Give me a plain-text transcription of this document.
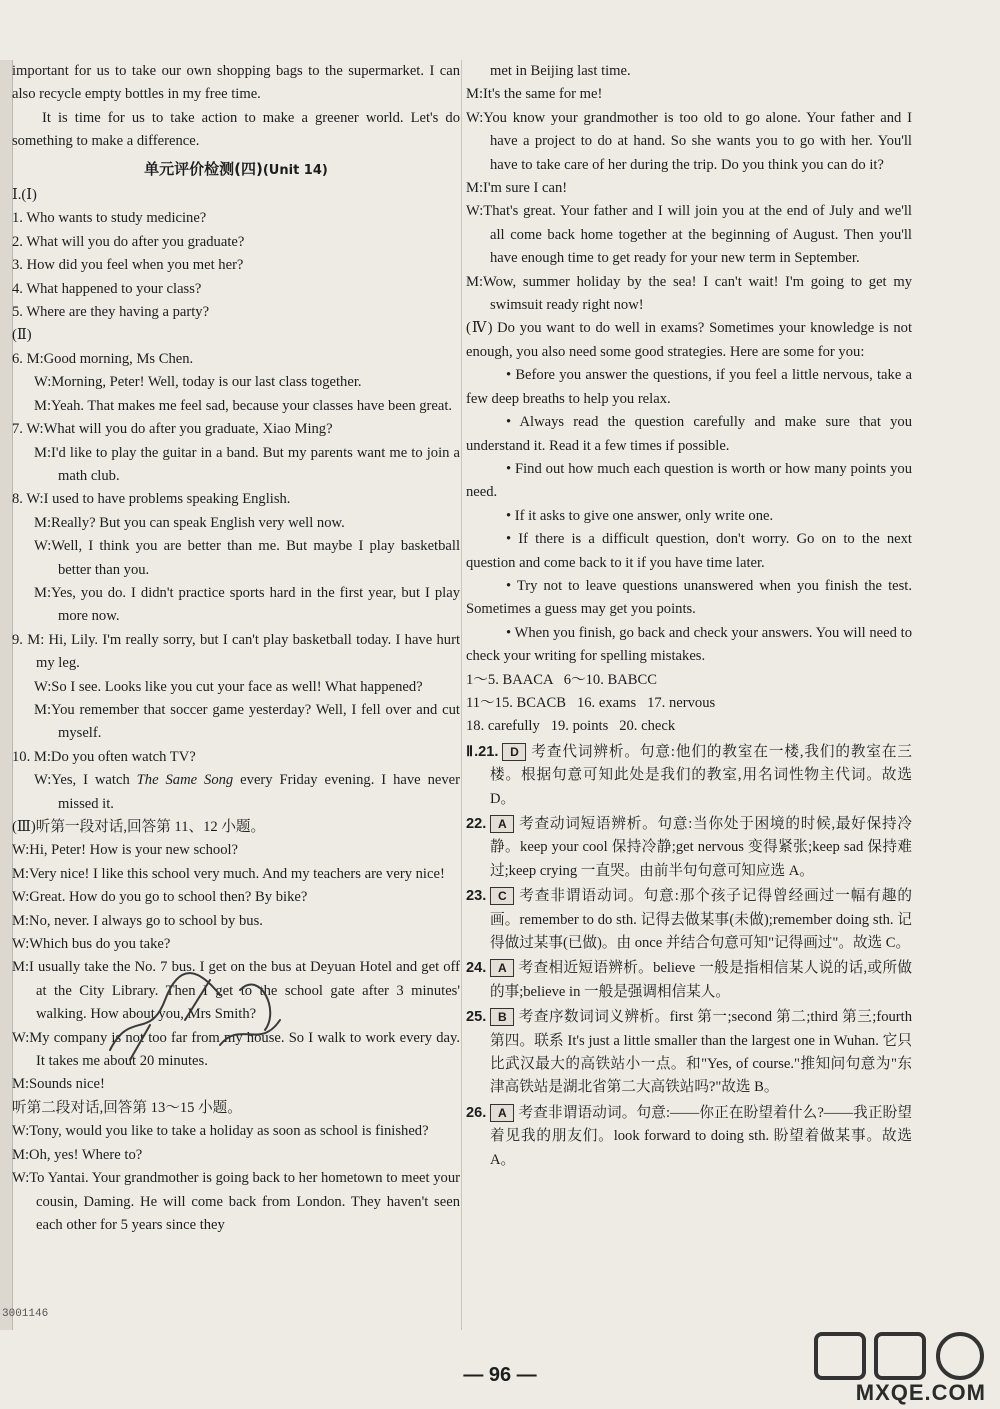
important for us to take our own shopping bags to the supermarket. I can also recycle empty bottles in my free time.

It is time for us to take action to make a greener world. Let's do something to make a difference.

单元评价检测(四)(Unit 14)

Ⅰ.(Ⅰ)

1. Who wants to study medicine?

2. What will you do after you graduate?

3. How did you feel when you met her?

4. What happened to your class?

5. Where are they having a party?

(Ⅱ)

6. M:Good morning, Ms Chen.

W:Morning, Peter! Well, today is our last class together.

M:Yeah. That makes me feel sad, because your classes have been great.

7. W:What will you do after you graduate, Xiao Ming?

M:I'd like to play the guitar in a band. But my parents want me to join a math club.

8. W:I used to have problems speaking English.

M:Really? But you can speak English very well now.

W:Well, I think you are better than me. But maybe I play basketball better than you.

M:Yes, you do. I didn't practice sports hard in the first year, but I play more now.

9. M: Hi, Lily. I'm really sorry, but I can't play basketball today. I have hurt my leg.

W:So I see. Looks like you cut your face as well! What happened?

M:You remember that soccer game yesterday? Well, I fell over and cut myself.

10. M:Do you often watch TV?

W:Yes, I watch The Same Song every Friday evening. I have never missed it.

(Ⅲ)听第一段对话,回答第 11、12 小题。

W:Hi, Peter! How is your new school?

M:Very nice! I like this school very much. And my teachers are very nice!

W:Great. How do you go to school then? By bike?

M:No, never. I always go to school by bus.

W:Which bus do you take?

M:I usually take the No. 7 bus. I get on the bus at Deyuan Hotel and get off at the City Library. Then I get to the school gate after 3 minutes' walking. How about you, Mrs Smith?

W:My company is not too far from my house. So I walk to work every day. It takes me about 20 minutes.

M:Sounds nice!

听第二段对话,回答第 13～15 小题。

W:Tony, would you like to take a holiday as soon as school is finished?

M:Oh, yes! Where to?

W:To Yantai. Your grandmother is going back to her hometown to meet your cousin, Daming. He will come back from London. They haven't seen each other for 5 years since they

met in Beijing last time.

M:It's the same for me!

W:You know your grandmother is too old to go alone. Your father and I have a project to do at hand. So she wants you to go with her. You'll have to take care of her during the trip. Do you think you can do it?

M:I'm sure I can!

W:That's great. Your father and I will join you at the end of July and we'll all come back home together at the beginning of August. Then you'll have enough time to get ready for your new term in September.

M:Wow, summer holiday by the sea! I can't wait! I'm going to get my swimsuit ready right now!

(Ⅳ) Do you want to do well in exams? Sometimes your knowledge is not enough, you also need some good strategies. Here are some for you:

• Before you answer the questions, if you feel a little nervous, take a few deep breaths to help you relax.

• Always read the question carefully and make sure that you understand it. Read it a few times if possible.

• Find out how much each question is worth or how many points you need.

• If it asks to give one answer, only write one.

• If there is a difficult question, don't worry. Go on to the next question and come back to it if you have time later.

• Try not to leave questions unanswered when you finish the test. Sometimes a guess may get you points.

• When you finish, go back and check your answers. You will need to check your writing for spelling mistakes.

1～5. BAACA   6～10. BABCC

11～15. BCACB   16. exams   17. nervous

18. carefully   19. points   20. check

Ⅱ.21. D 考查代词辨析。句意:他们的教室在一楼,我们的教室在三楼。根据句意可知此处是我们的教室,用名词性物主代词。故选 D。

22. A 考查动词短语辨析。句意:当你处于困境的时候,最好保持冷静。keep your cool 保持冷静;get nervous 变得紧张;keep sad 保持难过;keep crying 一直哭。由前半句句意可知应选 A。

23. C 考查非谓语动词。句意:那个孩子记得曾经画过一幅有趣的画。remember to do sth. 记得去做某事(未做);remember doing sth. 记得做过某事(已做)。由 once 并结合句意可知"记得画过"。故选 C。

24. A 考查相近短语辨析。believe 一般是指相信某人说的话,或所做的事;believe in 一般是强调相信某人。

25. B 考查序数词词义辨析。first 第一;second 第二;third 第三;fourth 第四。联系 It's just a little smaller than the largest one in Wuhan. 它只比武汉最大的高铁站小一点。和"Yes, of course."推知问句意为"东津高铁站是湖北省第二大高铁站吗?"故选 B。

26. A 考查非谓语动词。句意:——你正在盼望着什么?——我正盼望着见我的朋友们。look forward to doing sth. 盼望着做某事。故选 A。

3001146
— 96 —
MXQE.COM
